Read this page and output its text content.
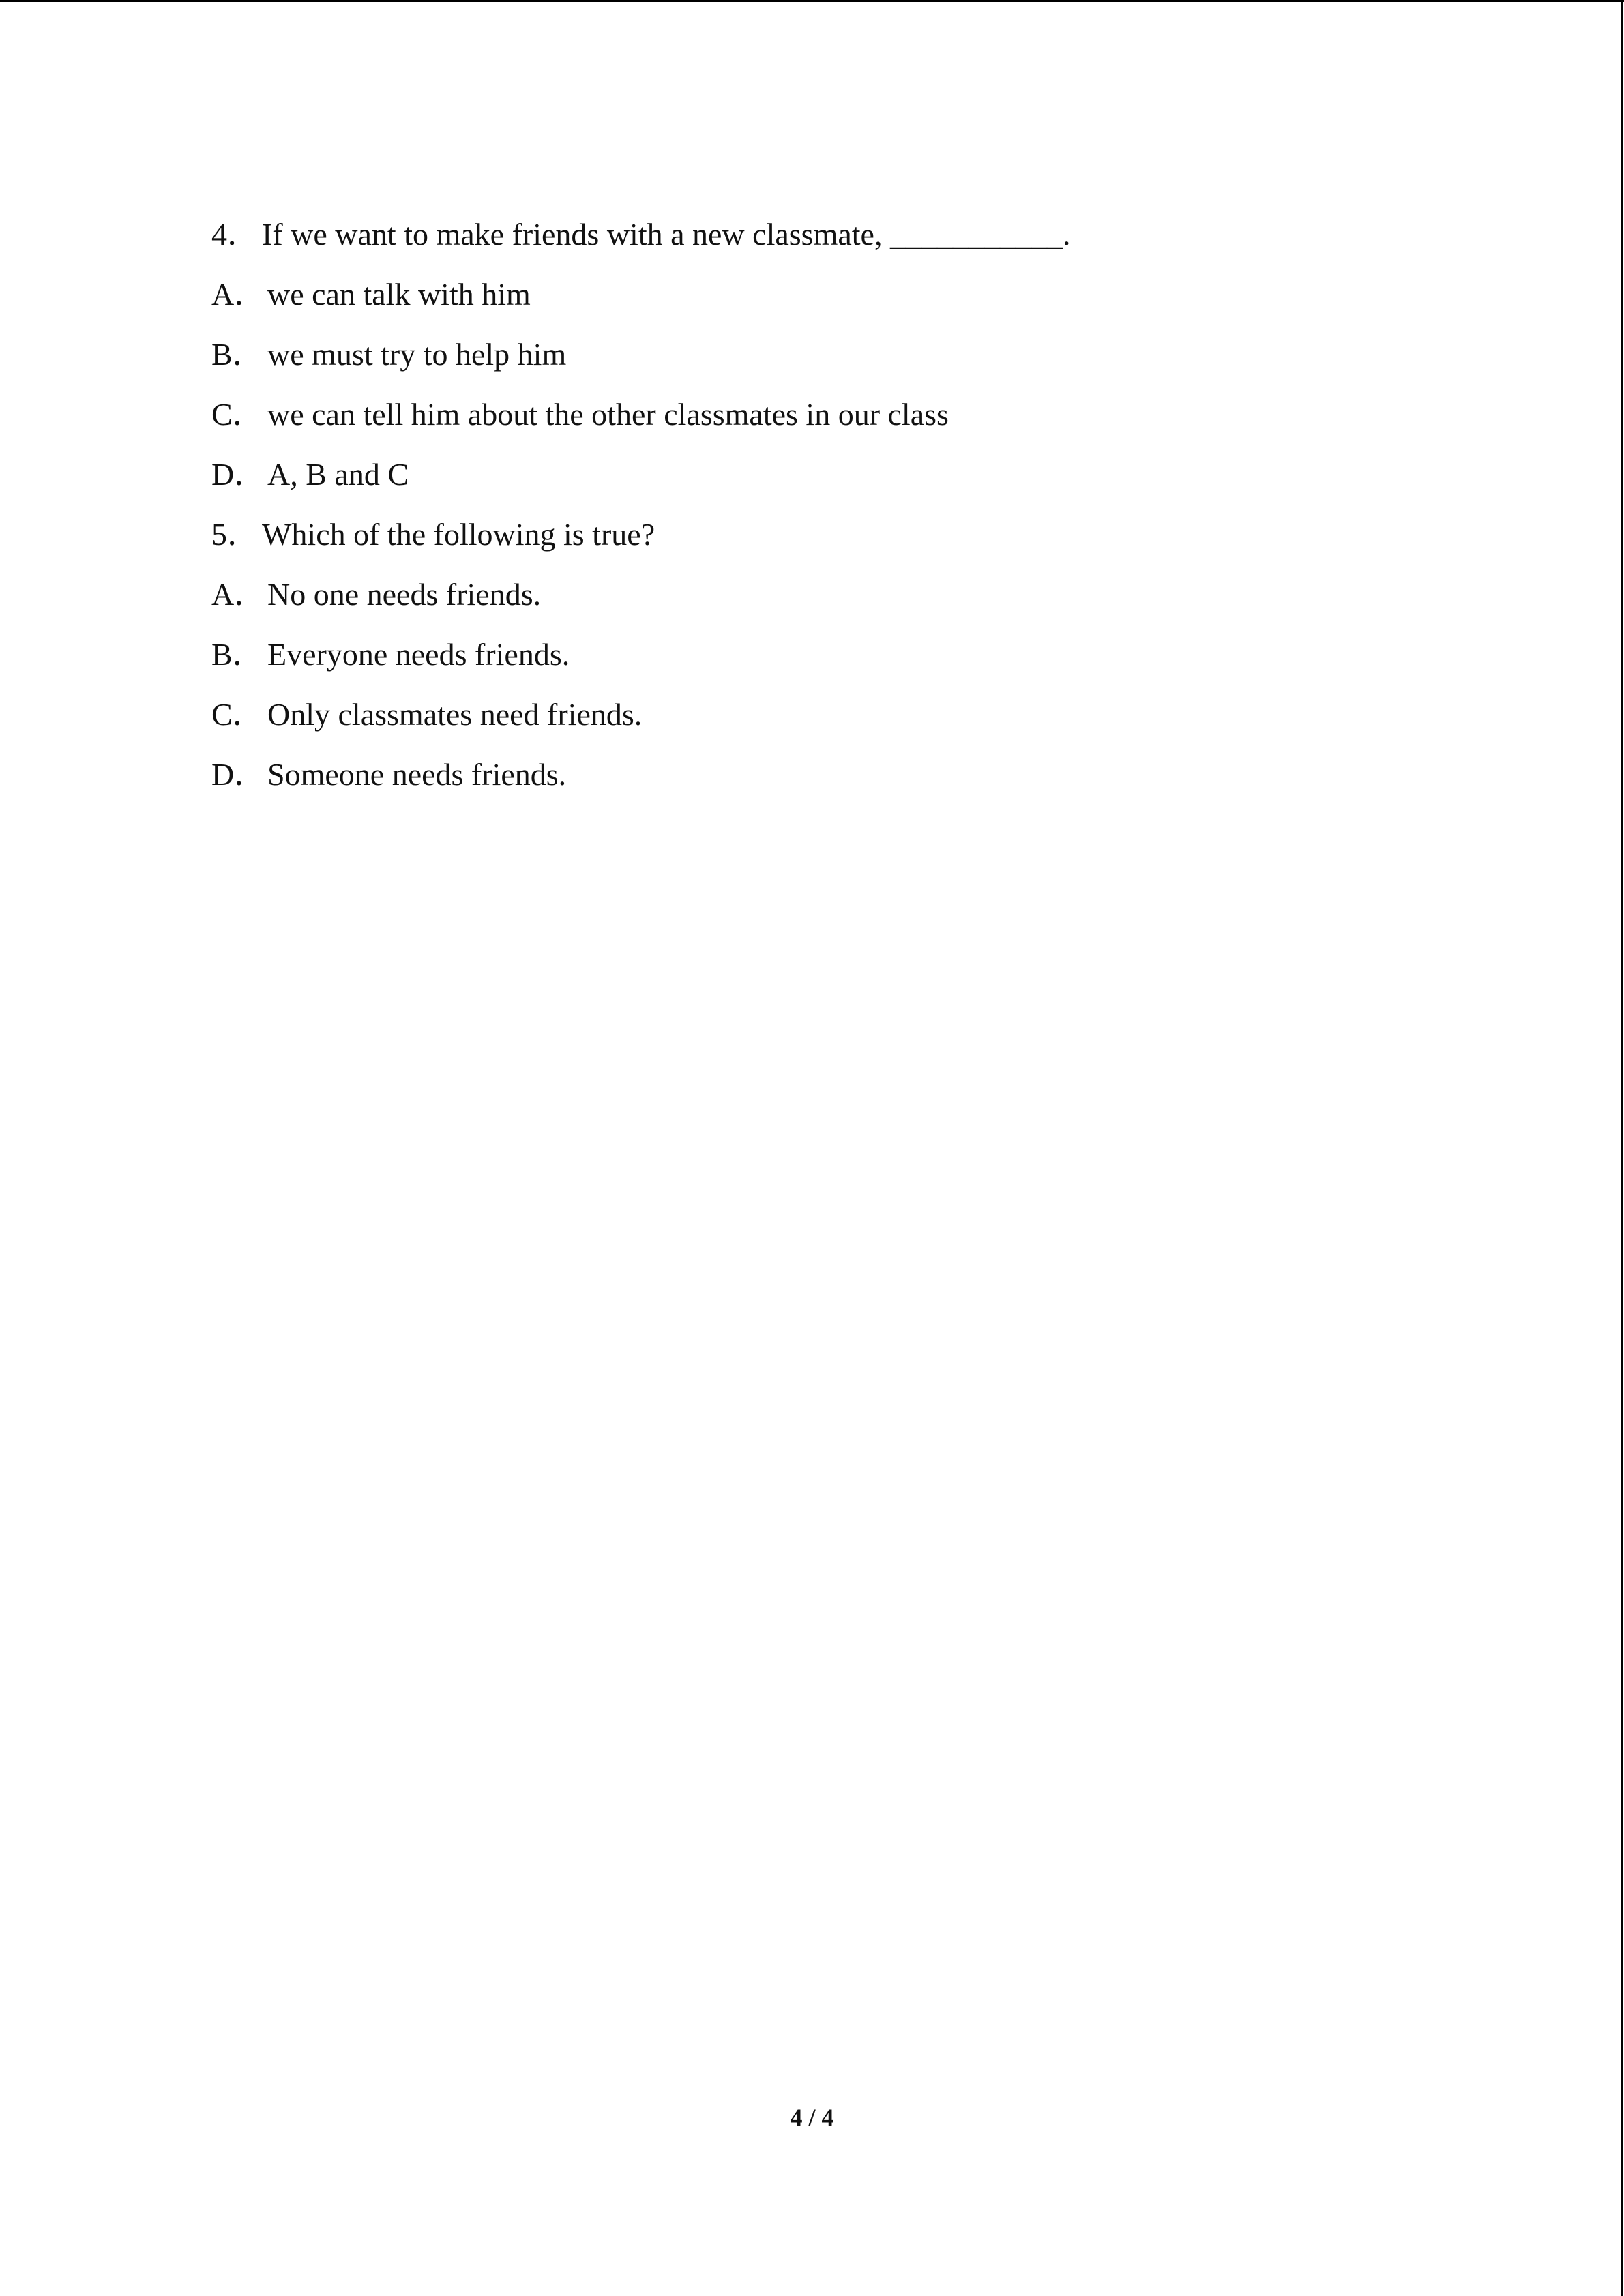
4． If we want to make friends with a new classmate, ___________.
A． we can talk with him
B． we must try to help him
C． we can tell him about the other classmates in our class
D． A, B and C
5． Which of the following is true?
A． No one needs friends.
B． Everyone needs friends.
C． Only classmates need friends.
D． Someone needs friends.
4 / 4
